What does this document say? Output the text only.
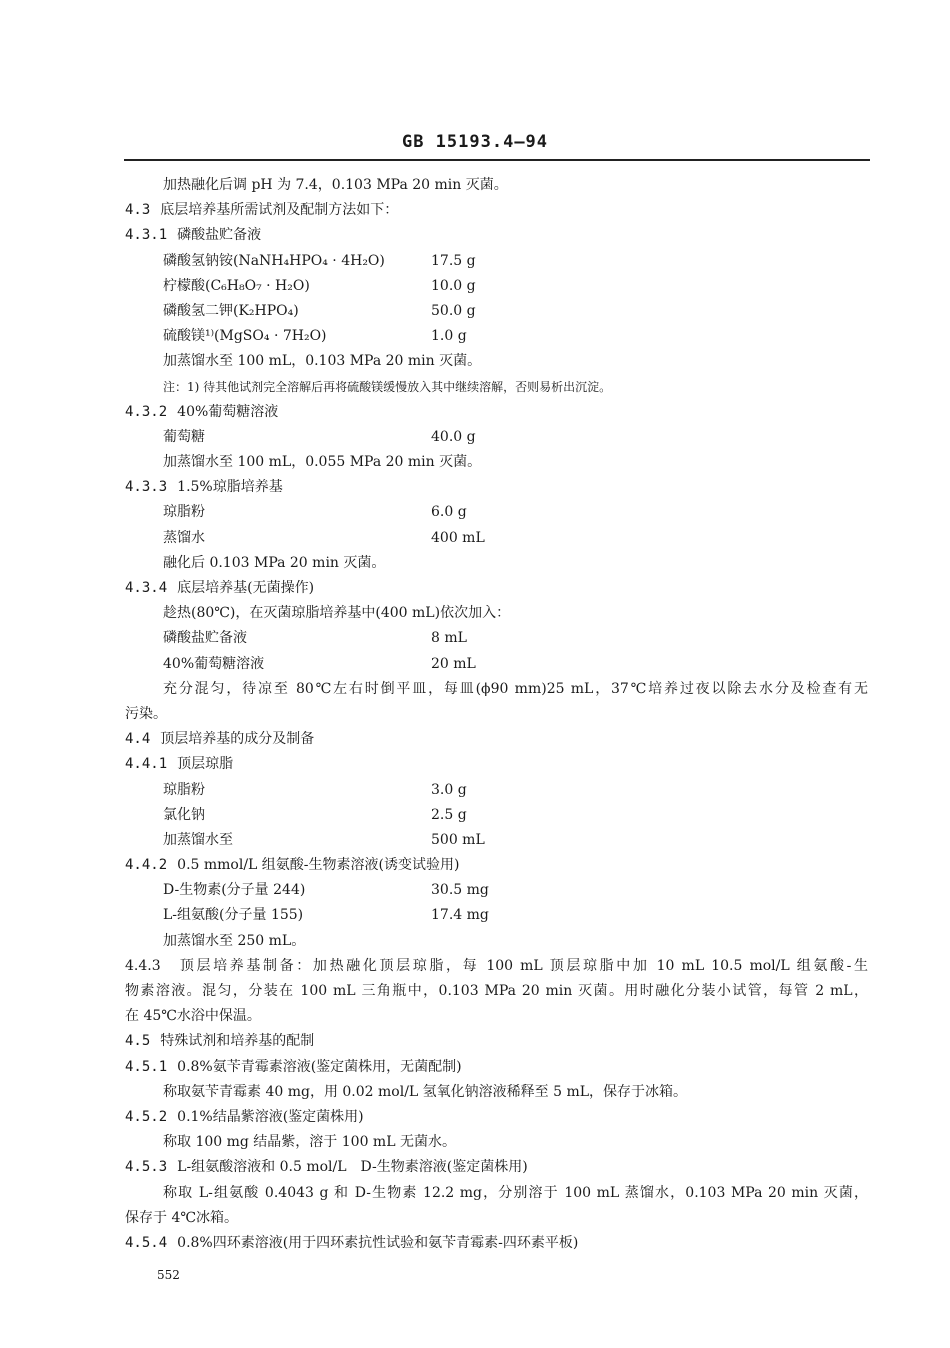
GB 15193.4—94
加热融化后调 pH 为 7.4，0.103 MPa 20 min 灭菌。
4.3 底层培养基所需试剂及配制方法如下：
4.3.1 磷酸盐贮备液
磷酸氢钠铵(NaNH₄HPO₄ · 4H₂O)	17.5 g
柠檬酸(C₆H₈O₇ · H₂O)	10.0 g
磷酸氢二钾(K₂HPO₄)	50.0 g
硫酸镁¹⁾(MgSO₄ · 7H₂O)	1.0 g
加蒸馏水至 100 mL，0.103 MPa 20 min 灭菌。
注：1) 待其他试剂完全溶解后再将硫酸镁缓慢放入其中继续溶解，否则易析出沉淀。
4.3.2 40%葡萄糖溶液
葡萄糖	40.0 g
加蒸馏水至 100 mL，0.055 MPa 20 min 灭菌。
4.3.3 1.5%琼脂培养基
琼脂粉	6.0 g
蒸馏水	400 mL
融化后 0.103 MPa 20 min 灭菌。
4.3.4 底层培养基(无菌操作)
趁热(80℃)，在灭菌琼脂培养基中(400 mL)依次加入：
磷酸盐贮备液	8 mL
40%葡萄糖溶液	20 mL
充分混匀，待凉至 80℃左右时倒平皿，每皿(ϕ90 mm)25 mL，37℃培养过夜以除去水分及检查有无
污染。
4.4 顶层培养基的成分及制备
4.4.1 顶层琼脂
琼脂粉	3.0 g
氯化钠	2.5 g
加蒸馏水至	500 mL
4.4.2 0.5 mmol/L 组氨酸-生物素溶液(诱变试验用)
D-生物素(分子量 244)	30.5 mg
L-组氨酸(分子量 155)	17.4 mg
加蒸馏水至 250 mL。
4.4.3　顶层培养基制备：加热融化顶层琼脂，每 100 mL 顶层琼脂中加 10 mL 10.5 mol/L 组氨酸-生
物素溶液。混匀，分装在 100 mL 三角瓶中，0.103 MPa 20 min 灭菌。用时融化分装小试管，每管 2 mL，
在 45℃水浴中保温。
4.5 特殊试剂和培养基的配制
4.5.1 0.8%氨苄青霉素溶液(鉴定菌株用，无菌配制)
称取氨苄青霉素 40 mg，用 0.02 mol/L 氢氧化钠溶液稀释至 5 mL，保存于冰箱。
4.5.2 0.1%结晶紫溶液(鉴定菌株用)
称取 100 mg 结晶紫，溶于 100 mL 无菌水。
4.5.3 L-组氨酸溶液和 0.5 mol/L　D-生物素溶液(鉴定菌株用)
称取 L-组氨酸 0.4043 g 和 D-生物素 12.2 mg，分别溶于 100 mL 蒸馏水，0.103 MPa 20 min 灭菌，
保存于 4℃冰箱。
4.5.4 0.8%四环素溶液(用于四环素抗性试验和氨苄青霉素-四环素平板)
552
